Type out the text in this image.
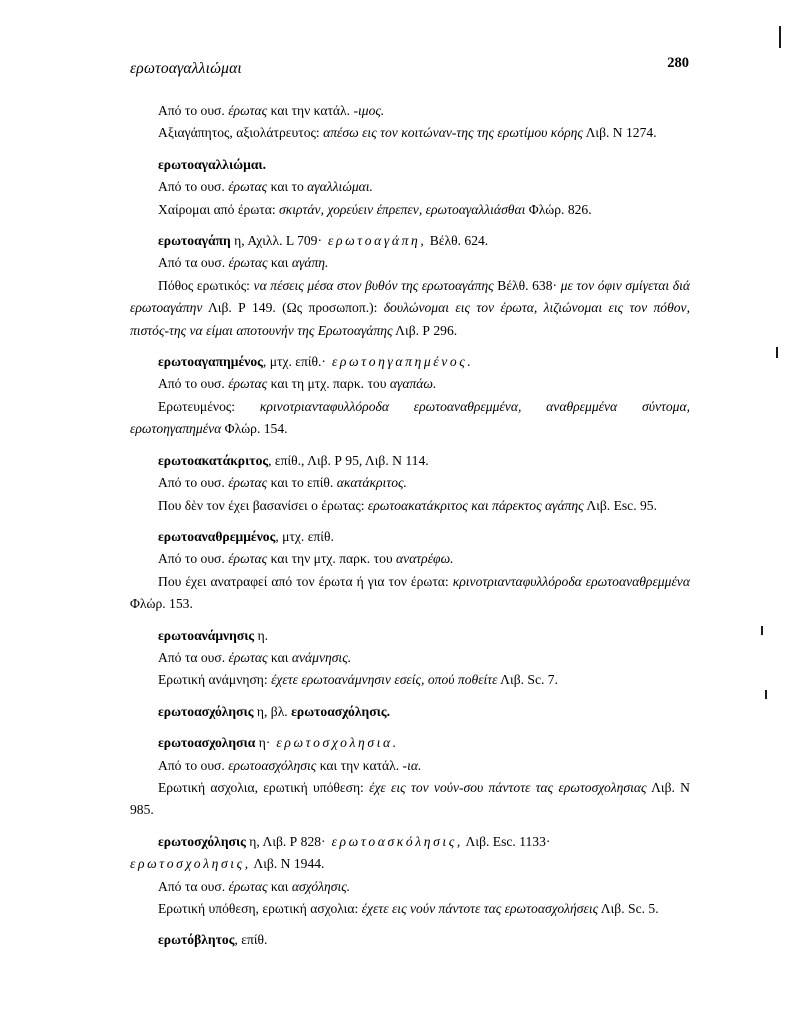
ερωτοαγαλλιώμαι	280

Από το ουσ. έρωτας και την κατάλ. -ιμος.

Αξιαγάπητος, αξιολάτρευτος: απέσω εις τον κοιτώναν-της της ερωτίμου κόρης Λιβ. Ν 1274.

ερωτοαγαλλιώμαι.

Από το ουσ. έρωτας και το αγαλλιώμαι.

Χαίρομαι από έρωτα: σκιρτάν, χορεύειν έπρεπεν, ερωτοαγαλλιάσθαι Φλώρ. 826.

ερωτοαγάπη η, Αχιλλ. L 709· ερωτοαγάπη, Βέλθ. 624.

Από τα ουσ. έρωτας και αγάπη.

Πόθος ερωτικός: να πέσεις μέσα στον βυθόν της ερωτοαγάπης Βέλθ. 638· με τον όφιν σμίγεται διά ερωτοαγάπην Λιβ. Ρ 149. (Ως προσωποπ.): δουλώνομαι εις τον έρωτα, λιζιώνομαι εις τον πόθον, πιστός-της να είμαι αποτουνήν της Ερωτοαγάπης Λιβ. Ρ 296.

ερωτοαγαπημένος, μτχ. επίθ.· ερωτοηγαπημένος.

Από το ουσ. έρωτας και τη μτχ. παρκ. του αγαπάω.

Ερωτευμένος: κρινοτριανταφυλλόροδα ερωτοαναθρεμμένα, αναθρεμμένα σύντομα, ερωτοηγαπημένα Φλώρ. 154.

ερωτοακατάκριτος, επίθ., Λιβ. Ρ 95, Λιβ. Ν 114.

Από το ουσ. έρωτας και το επίθ. ακατάκριτος.

Που δὲν τον έχει βασανίσει ο έρωτας: ερωτοακατάκριτος και πάρεκτος αγάπης Λιβ. Esc. 95.

ερωτοαναθρεμμένος, μτχ. επίθ.

Από το ουσ. έρωτας και την μτχ. παρκ. του ανατρέφω.

Που έχει ανατραφεί από τον έρωτα ή για τον έρωτα: κρινοτριανταφυλλόροδα ερωτοαναθρεμμένα Φλώρ. 153.

ερωτοανάμνησις η.

Από τα ουσ. έρωτας και ανάμνησις.

Ερωτική ανάμνηση: έχετε ερωτοανάμνησιν εσείς, οπού ποθείτε Λιβ. Sc. 7.

ερωτοασχόλησις η, βλ. ερωτοασχόλησις.

ερωτοασχολησια η· ερωτοσχολησια.

Από το ουσ. ερωτοασχόλησις και την κατάλ. -ια.

Ερωτική ασχολια, ερωτική υπόθεση: έχε εις τον νούν-σου πάντοτε τας ερωτοσχολησιας Λιβ. Ν 985.

ερωτοσχόλησις η, Λιβ. Ρ 828· ερωτοασκόλησις, Λιβ. Esc. 1133·

ερωτοσχολησις, Λιβ. Ν 1944.

Από τα ουσ. έρωτας και ασχόλησις.

Ερωτική υπόθεση, ερωτική ασχολια: έχετε εις νούν πάντοτε τας ερωτοασχολήσεις Λιβ. Sc. 5.

ερωτόβλητος, επίθ.
